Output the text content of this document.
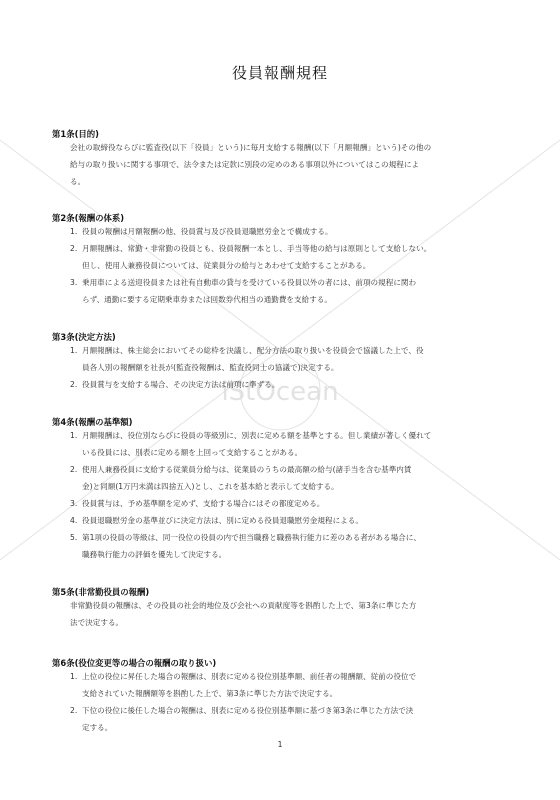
iStOcean
役員報酬規程
第1条(目的)
会社の取締役ならびに監査役(以下「役員」という)に毎月支給する報酬(以下「月額報酬」という)その他の
給与の取り扱いに関する事項で、法令または定款に別段の定めのある事項以外についてはこの規程によ
る。
第2条(報酬の体系)
1. 役員の報酬は月額報酬の他、役員賞与及び役員退職慰労金とで構成する。
2. 月額報酬は、常勤・非常勤の役員とも、役員報酬一本とし、手当等他の給与は原則として支給しない。
但し、使用人兼務役員については、従業員分の給与とあわせて支給することがある。
3. 乗用車による送迎役員または社有自動車の貸与を受けている役員以外の者には、前項の規程に関わ
らず、通勤に要する定期乗車券または回数券代相当の通勤費を支給する。
第3条(決定方法)
1. 月額報酬は、株主総会においてその総枠を決議し、配分方法の取り扱いを役員会で協議した上で、役
員各人別の報酬額を社長が(監査役報酬は、監査役同士の協議で)決定する。
2. 役員賞与を支給する場合、その決定方法は前項に準ずる。
第4条(報酬の基準額)
1. 月額報酬は、役位別ならびに役員の等級別に、別表に定める額を基準とする。但し業績が著しく優れて
いる役員には、別表に定める額を上回って支給することがある。
2. 使用人兼務役員に支給する従業員分給与は、従業員のうちの最高額の給与(諸手当を含む基準内賃
金)と同額(1万円未満は四捨五入)とし、これを基本給と表示して支給する。
3. 役員賞与は、予め基準額を定めず、支給する場合にはその都度定める。
4. 役員退職慰労金の基準並びに決定方法は、別に定める役員退職慰労金規程による。
5. 第1項の役員の等級は、同一役位の役員の内で担当職務と職務執行能力に差のある者がある場合に、
職務執行能力の評価を優先して決定する。
第5条(非常勤役員の報酬)
非常勤役員の報酬は、その役員の社会的地位及び会社への貢献度等を斟酌した上で、第3条に準じた方
法で決定する。
第6条(役位変更等の場合の報酬の取り扱い)
1. 上位の役位に昇任した場合の報酬は、別表に定める役位別基準額、前任者の報酬額、従前の役位で
支給されていた報酬額等を斟酌した上で、第3条に準じた方法で決定する。
2. 下位の役位に後任した場合の報酬は、別表に定める役位別基準額に基づき第3条に準じた方法で決
定する。
1
